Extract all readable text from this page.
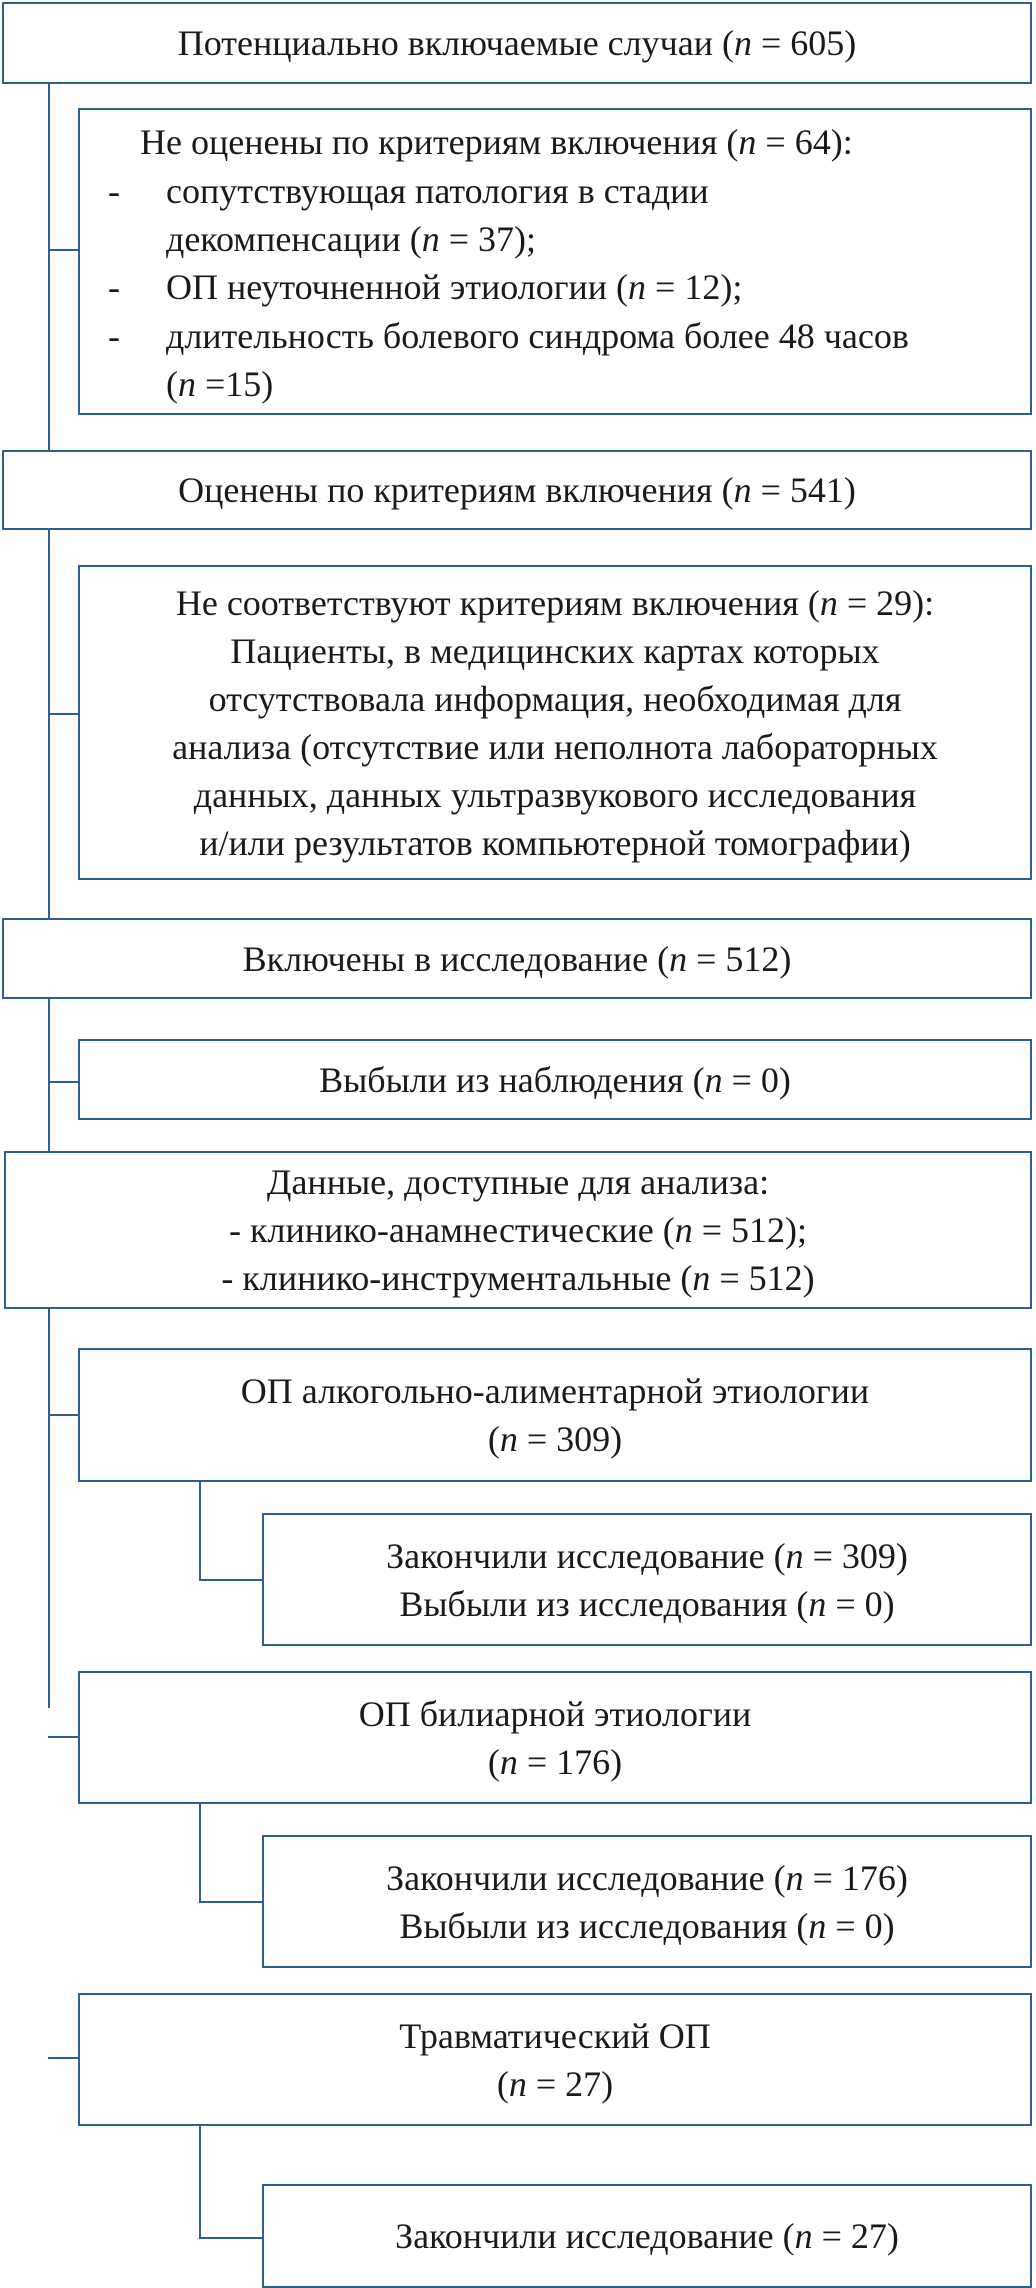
Потенциально включаемые случаи (n = 605)
Не оценены по критериям включения (n = 64):
- сопутствующая патология в стадии
декомпенсации (n = 37);
- ОП неуточненной этиологии (n = 12);
- длительность болевого синдрома более 48 часов
(n =15)
Оценены по критериям включения (n = 541)
Не соответствуют критериям включения (n = 29):
Пациенты, в медицинских картах которых
отсутствовала информация, необходимая для
анализа (отсутствие или неполнота лабораторных
данных, данных ультразвукового исследования
и/или результатов компьютерной томографии)
Включены в исследование (n = 512)
Выбыли из наблюдения (n = 0)
Данные, доступные для анализа:
- клинико-анамнестические (n = 512);
- клинико-инструментальные (n = 512)
ОП алкогольно-алиментарной этиологии
(n = 309)
Закончили исследование (n = 309)
Выбыли из исследования (n = 0)
ОП билиарной этиологии
(n = 176)
Закончили исследование (n = 176)
Выбыли из исследования (n = 0)
Травматический ОП
(n = 27)
Закончили исследование (n = 27)
